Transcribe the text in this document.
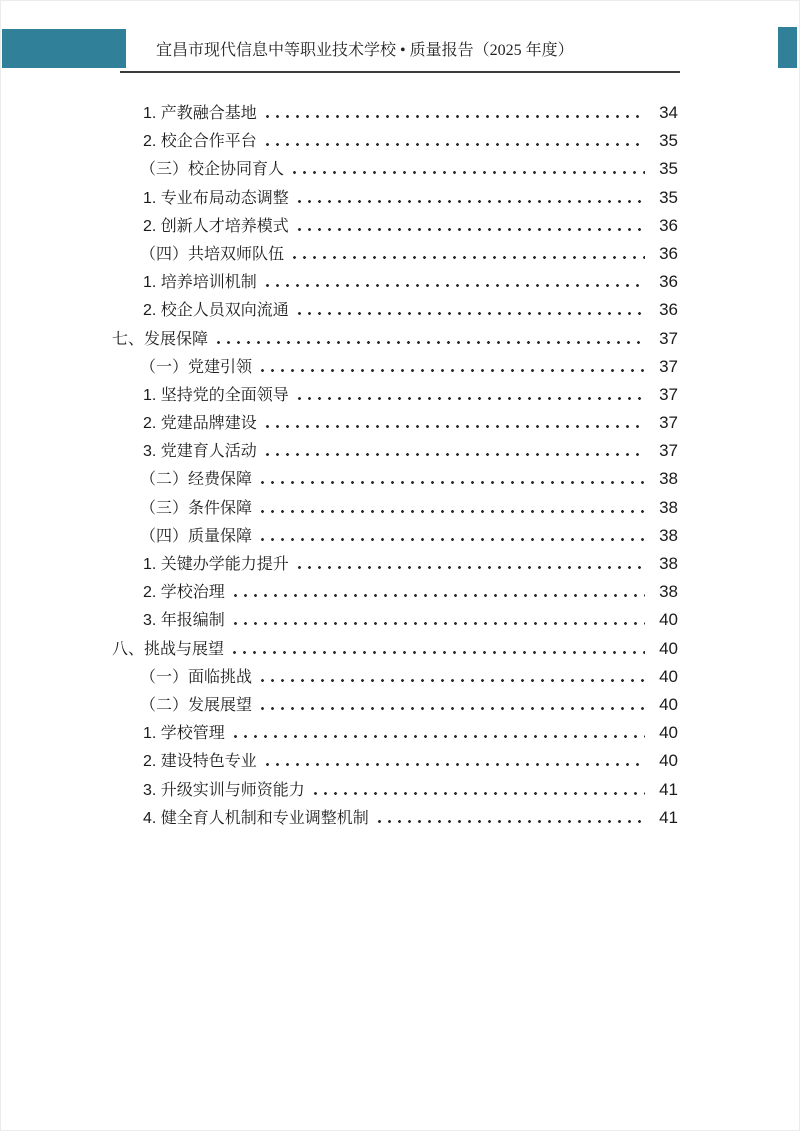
宜昌市现代信息中等职业技术学校 • 质量报告（2025 年度）
1. 产教融合基地	34
2. 校企合作平台	35
（三）校企协同育人	35
1. 专业布局动态调整	35
2. 创新人才培养模式	36
（四）共培双师队伍	36
1. 培养培训机制	36
2. 校企人员双向流通	36
七、发展保障	37
（一）党建引领	37
1. 坚持党的全面领导	37
2. 党建品牌建设	37
3. 党建育人活动	37
（二）经费保障	38
（三）条件保障	38
（四）质量保障	38
1. 关键办学能力提升	38
2. 学校治理	38
3. 年报编制	40
八、挑战与展望	40
（一）面临挑战	40
（二）发展展望	40
1. 学校管理	40
2. 建设特色专业	40
3. 升级实训与师资能力	41
4. 健全育人机制和专业调整机制	41
